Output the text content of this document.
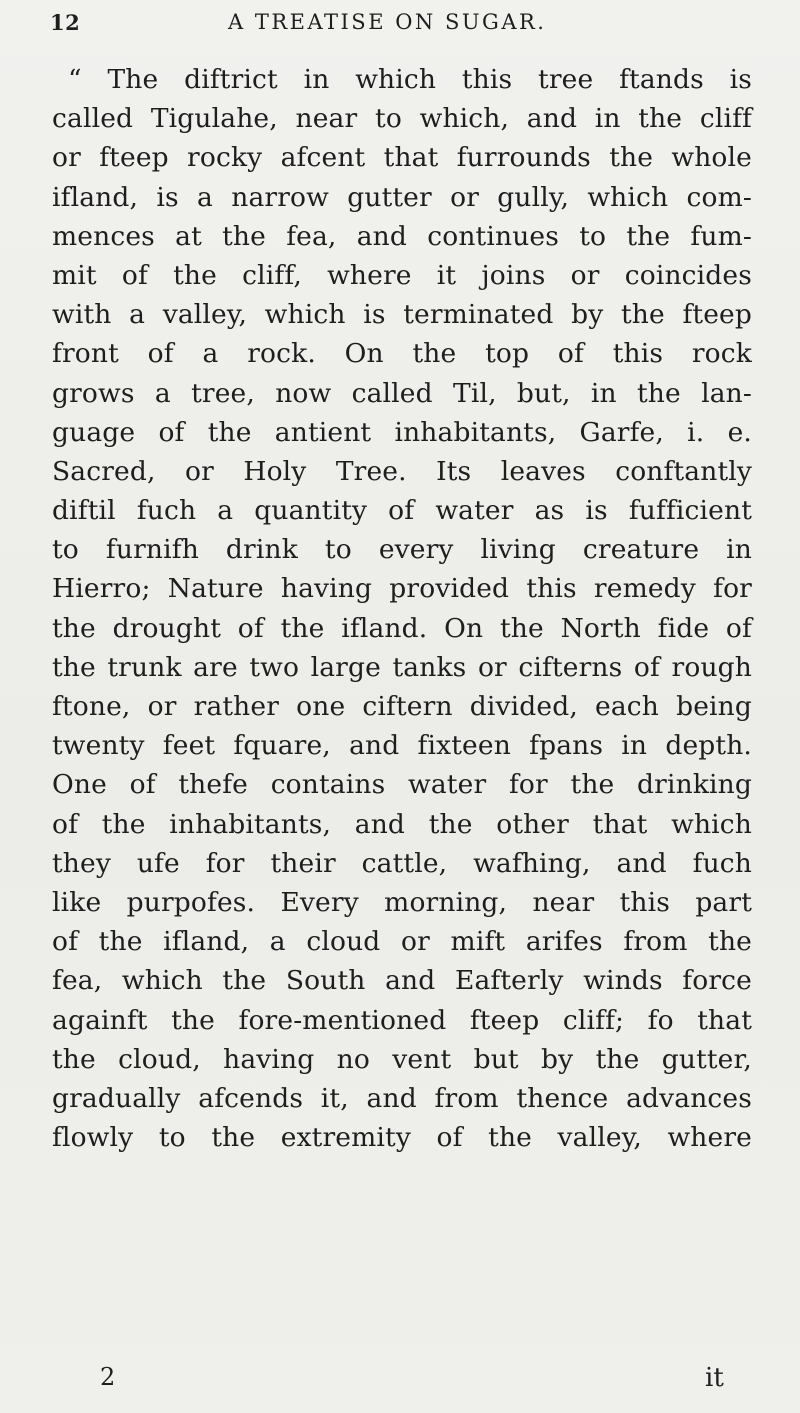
12	A TREATISE ON SUGAR.
“ The diftrict in which this tree ftands is
called Tigulahe, near to which, and in the cliff
or fteep rocky afcent that furrounds the whole
ifland, is a narrow gutter or gully, which com-
mences at the fea, and continues to the fum-
mit of the cliff, where it joins or coincides
with a valley, which is terminated by the fteep
front of a rock. On the top of this rock
grows a tree, now called Til, but, in the lan-
guage of the antient inhabitants, Garfe, i. e.
Sacred, or Holy Tree. Its leaves conftantly
diftil fuch a quantity of water as is fufficient
to furnifh drink to every living creature in
Hierro; Nature having provided this remedy for
the drought of the ifland. On the North fide of
the trunk are two large tanks or cifterns of rough
ftone, or rather one ciftern divided, each being
twenty feet fquare, and fixteen fpans in depth.
One of thefe contains water for the drinking
of the inhabitants, and the other that which
they ufe for their cattle, wafhing, and fuch
like purpofes. Every morning, near this part
of the ifland, a cloud or mift arifes from the
fea, which the South and Eafterly winds force
againft the fore-mentioned fteep cliff; fo that
the cloud, having no vent but by the gutter,
gradually afcends it, and from thence advances
flowly to the extremity of the valley, where
2	it
